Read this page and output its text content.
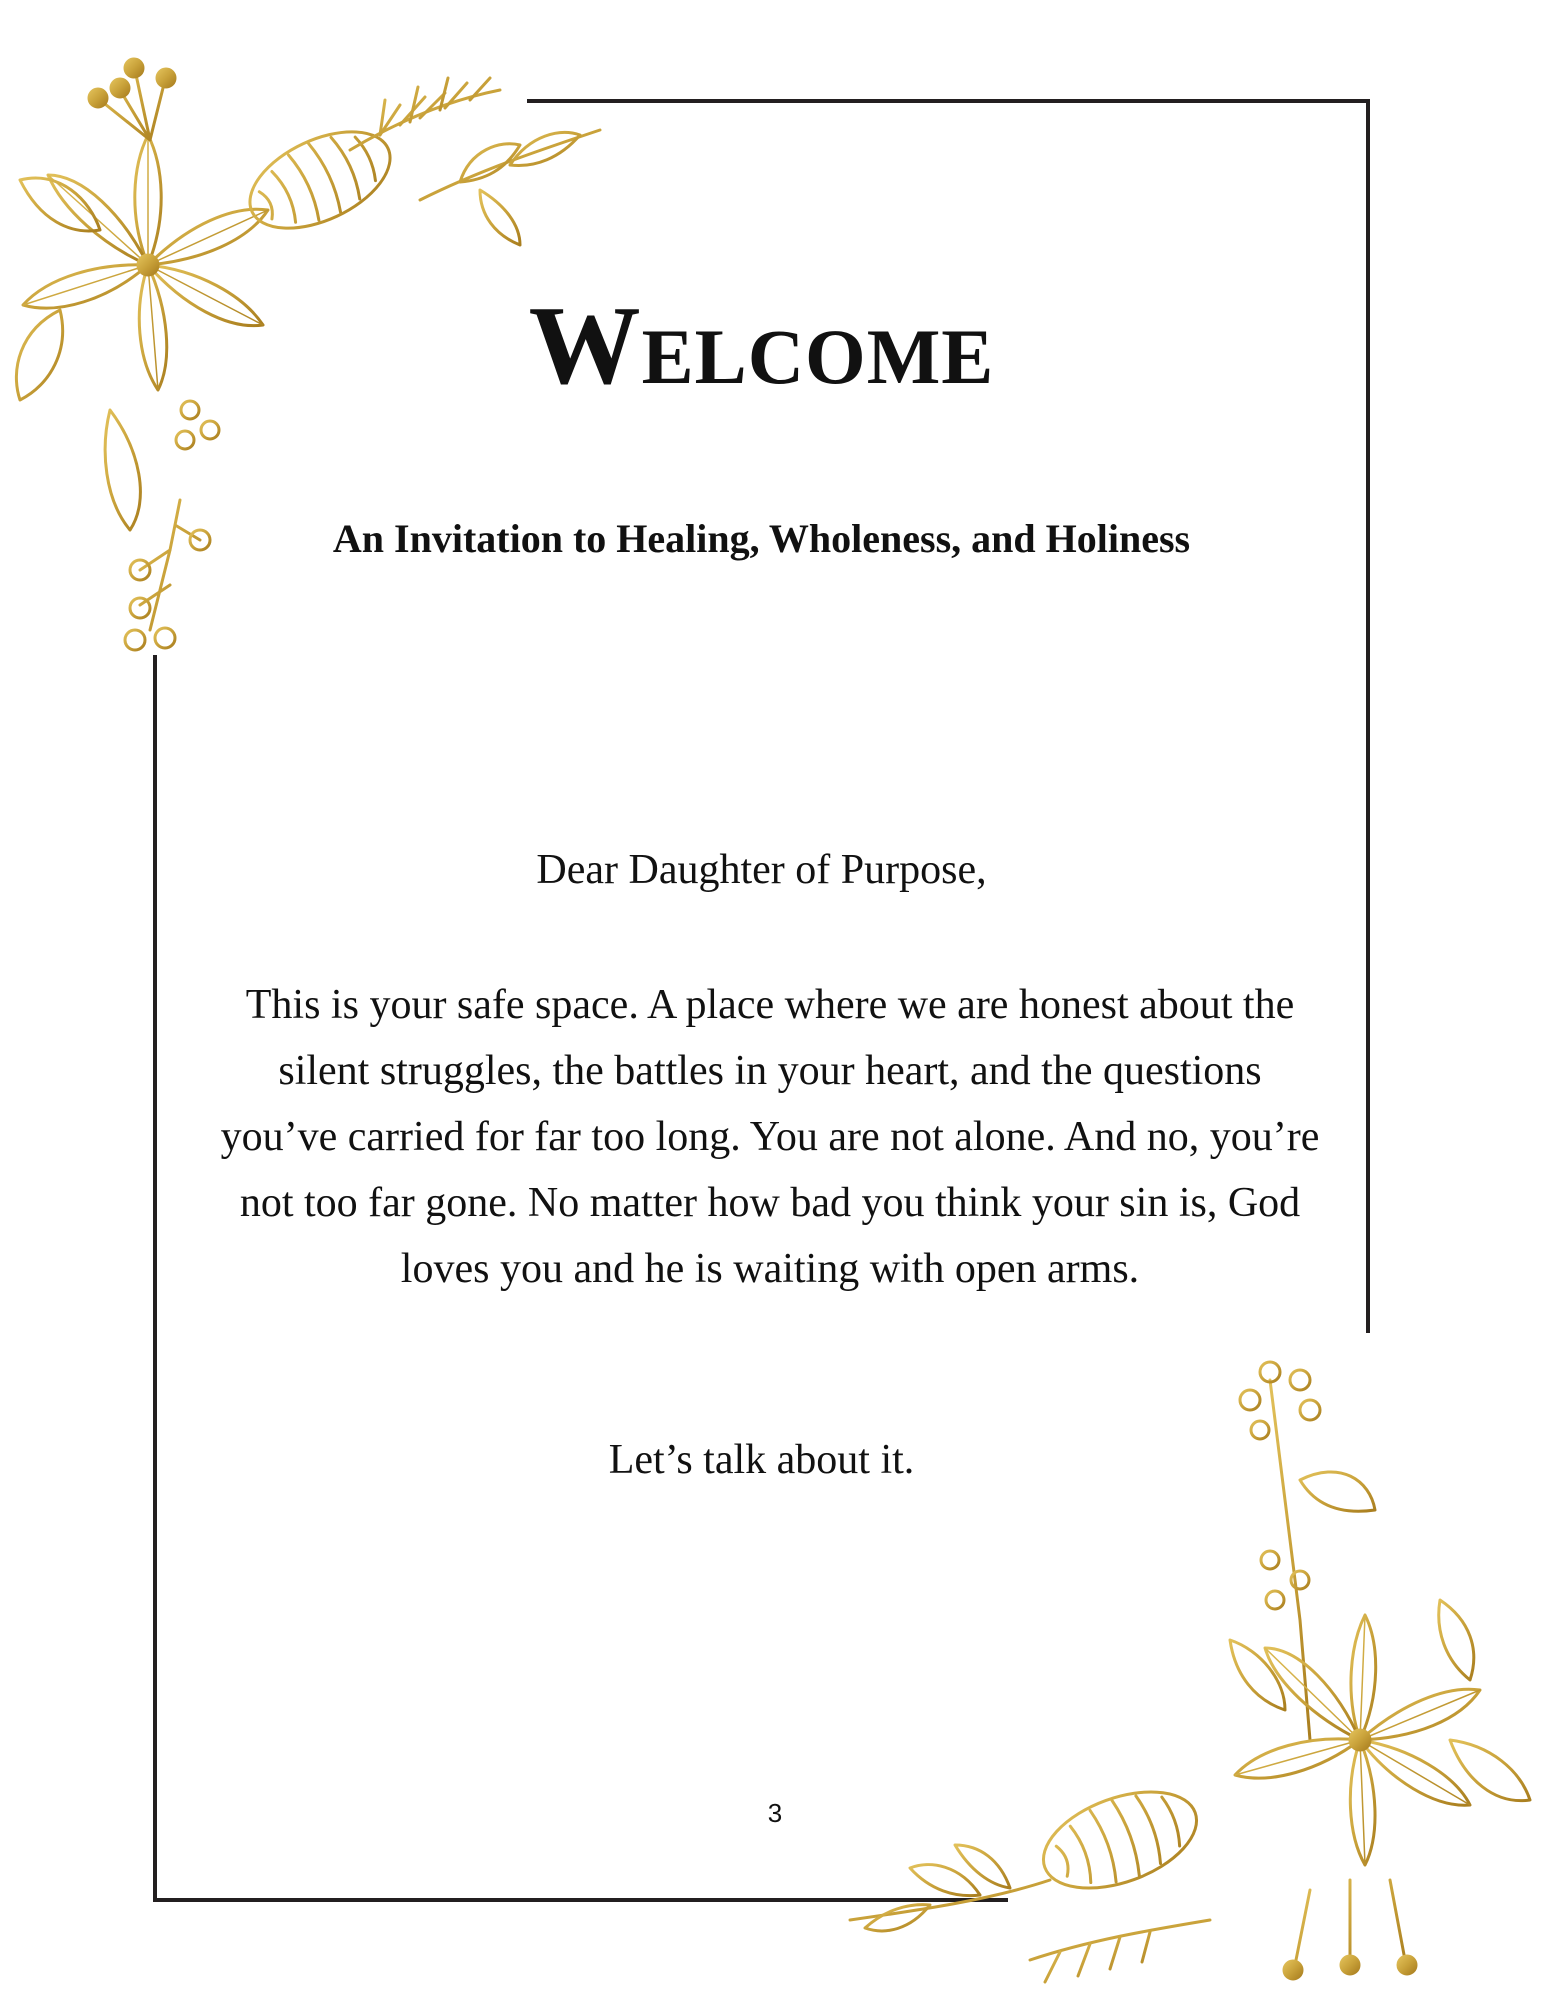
Welcome
An Invitation to Healing, Wholeness, and Holiness
Dear Daughter of Purpose,
This is your safe space. A place where we are honest about the silent struggles, the battles in your heart, and the questions you’ve carried for far too long. You are not alone. And no, you’re not too far gone. No matter how bad you think your sin is, God loves you and he is waiting with open arms.
Let’s talk about it.
3
